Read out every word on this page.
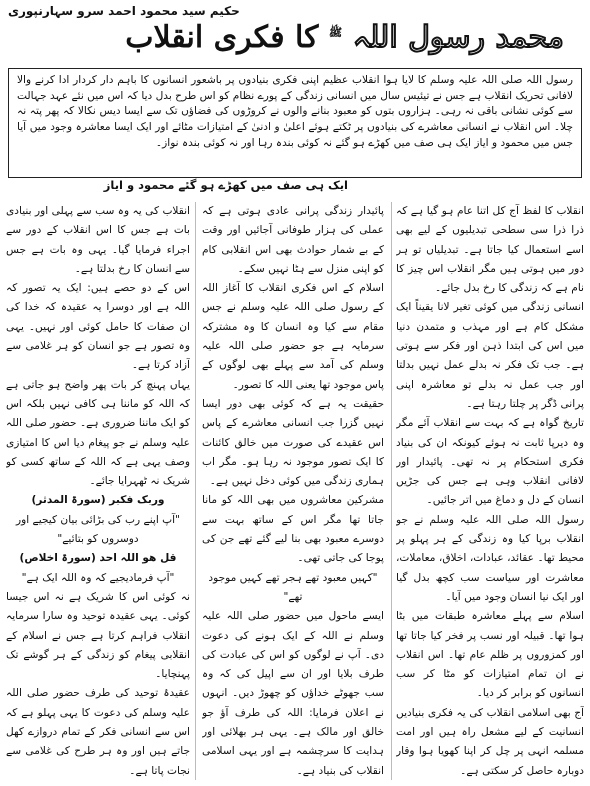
حکیم سید محمود احمد سرو سہارنپوری
محمد رسول اللہ $^ﷺ$ کا فکری انقلاب

رسول اللہ صلی اللہ علیہ وسلم کا لایا ہوا انقلاب عظیم اپنی فکری بنیادوں پر باشعور انسانوں کا باہم دار کردار ادا کرنے والا لافانی تحریک انقلاب ہے جس نے تیئیس سال میں انسانی زندگی کے پورے نظام کو اس طرح بدل دیا کہ اس میں نئے عہد جہالت سے کوئی نشانی باقی نہ رہی۔ ہزاروں بتوں کو معبود بنانے والوں نے کروڑوں کی فضاؤں تک سے ایسا دیس نکالا کہ پھر پتہ نہ چلا۔ اس انقلاب نے انسانی معاشرے کی بنیادوں پر ٹکتے ہوئے اعلیٰ و ادنیٰ کے امتیازات مٹائے اور ایک ایسا معاشرہ وجود میں آیا جس میں محمود و ایاز ایک ہی صف میں کھڑے ہو گئے نہ کوئی بندہ رہا اور نہ کوئی بندہ نواز۔

ایک ہی صف میں کھڑے ہو گئے محمود و ایاز

انقلاب کا لفظ آج کل اتنا عام ہو گیا ہے کہ ذرا ذرا سی سطحی تبدیلیوں کے لیے بھی اسے استعمال کیا جاتا ہے۔ تبدیلیاں تو ہر دور میں ہوتی ہیں مگر انقلاب اس چیز کا نام ہے کہ زندگی کا رخ بدل جائے۔

انسانی زندگی میں کوئی تغیر لانا یقیناً ایک مشکل کام ہے اور مہذب و متمدن دنیا میں اس کی ابتدا ذہن اور فکر سے ہوتی ہے۔ جب تک فکر نہ بدلے عمل نہیں بدلتا اور جب عمل نہ بدلے تو معاشرہ اپنی پرانی ڈگر پر چلتا رہتا ہے۔

تاریخ گواہ ہے کہ بہت سے انقلاب آئے مگر وہ دیرپا ثابت نہ ہوئے کیونکہ ان کی بنیاد فکری استحکام پر نہ تھی۔ پائیدار اور لافانی انقلاب وہی ہے جس کی جڑیں انسان کے دل و دماغ میں اتر جائیں۔

رسول اللہ صلی اللہ علیہ وسلم نے جو انقلاب برپا کیا وہ زندگی کے ہر پہلو پر محیط تھا۔ عقائد، عبادات، اخلاق، معاملات، معاشرت اور سیاست سب کچھ بدل گیا اور ایک نیا انسان وجود میں آیا۔

اسلام سے پہلے معاشرہ طبقات میں بٹا ہوا تھا۔ قبیلہ اور نسب پر فخر کیا جاتا تھا اور کمزوروں پر ظلم عام تھا۔ اس انقلاب نے ان تمام امتیازات کو مٹا کر سب انسانوں کو برابر کر دیا۔

آج بھی اسلامی انقلاب کی یہ فکری بنیادیں انسانیت کے لیے مشعل راہ ہیں اور امت مسلمہ انہی پر چل کر اپنا کھویا ہوا وقار دوبارہ حاصل کر سکتی ہے۔

پائیدار زندگی پرانی عادی ہوتی ہے کہ عملی کی ہزار طوفانی آجائیں اور وقت کے بے شمار حوادث بھی اس انقلابی کام کو اپنی منزل سے ہٹا نہیں سکے۔

اسلام کے اس فکری انقلاب کا آغاز اللہ کے رسول صلی اللہ علیہ وسلم نے جس مقام سے کیا وہ انسان کا وہ مشترکہ سرمایہ ہے جو حضور صلی اللہ علیہ وسلم کی آمد سے پہلے بھی لوگوں کے پاس موجود تھا یعنی اللہ کا تصور۔

حقیقت یہ ہے کہ کوئی بھی دور ایسا نہیں گزرا جب انسانی معاشرے کے پاس اس عقیدے کی صورت میں خالق کائنات کا ایک تصور موجود نہ رہا ہو۔ مگر اب ہماری زندگی میں کوئی دخل نہیں ہے۔

مشرکین معاشروں میں بھی اللہ کو مانا جاتا تھا مگر اس کے ساتھ بہت سے دوسرے معبود بھی بنا لیے گئے تھے جن کی پوجا کی جاتی تھی۔

"کہیں معبود تھے ہجر تھے کہیں موجود تھے"

ایسے ماحول میں حضور صلی اللہ علیہ وسلم نے اللہ کے ایک ہونے کی دعوت دی۔ آپ نے لوگوں کو اس کی عبادت کی طرف بلایا اور ان سے اپیل کی کہ وہ سب جھوٹے خداؤں کو چھوڑ دیں۔ انہوں نے اعلان فرمایا: اللہ کی طرف آؤ جو خالق اور مالک ہے۔ یہی ہر بھلائی اور ہدایت کا سرچشمہ ہے اور یہی اسلامی انقلاب کی بنیاد ہے۔

انقلاب کی یہ وہ سب سے پہلی اور بنیادی بات ہے جس کا اس انقلاب کے دور سے اجراء فرمایا گیا۔ یہی وہ بات ہے جس سے انسان کا رخ بدلتا ہے۔

اس کے دو حصے ہیں: ایک یہ تصور کہ اللہ ہے اور دوسرا یہ عقیدہ کہ خدا کی ان صفات کا حامل کوئی اور نہیں۔ یہی وہ تصور ہے جو انسان کو ہر غلامی سے آزاد کرتا ہے۔

یہاں پہنچ کر بات پھر واضح ہو جاتی ہے کہ اللہ کو ماننا ہی کافی نہیں بلکہ اس کو ایک ماننا ضروری ہے۔ حضور صلی اللہ علیہ وسلم نے جو پیغام دیا اس کا امتیازی وصف یہی ہے کہ اللہ کے ساتھ کسی کو شریک نہ ٹھہرایا جائے۔

وربک فکبر (سورۃ المدثر)

"آپ اپنے رب کی بڑائی بیان کیجیے اور دوسروں کو بتائیے"

قل ھو اللہ احد (سورۃ اخلاص)

"آپ فرمادیجیے کہ وہ اللہ ایک ہے"

نہ کوئی اس کا شریک ہے نہ اس جیسا کوئی۔ یہی عقیدہ توحید وہ سارا سرمایہ انقلاب فراہم کرتا ہے جس نے اسلام کے انقلابی پیغام کو زندگی کے ہر گوشے تک پہنچایا۔

عقیدۂ توحید کی طرف حضور صلی اللہ علیہ وسلم کی دعوت کا یہی پہلو ہے کہ اس سے انسانی فکر کے تمام دروازے کھل جاتے ہیں اور وہ ہر طرح کی غلامی سے نجات پاتا ہے۔
